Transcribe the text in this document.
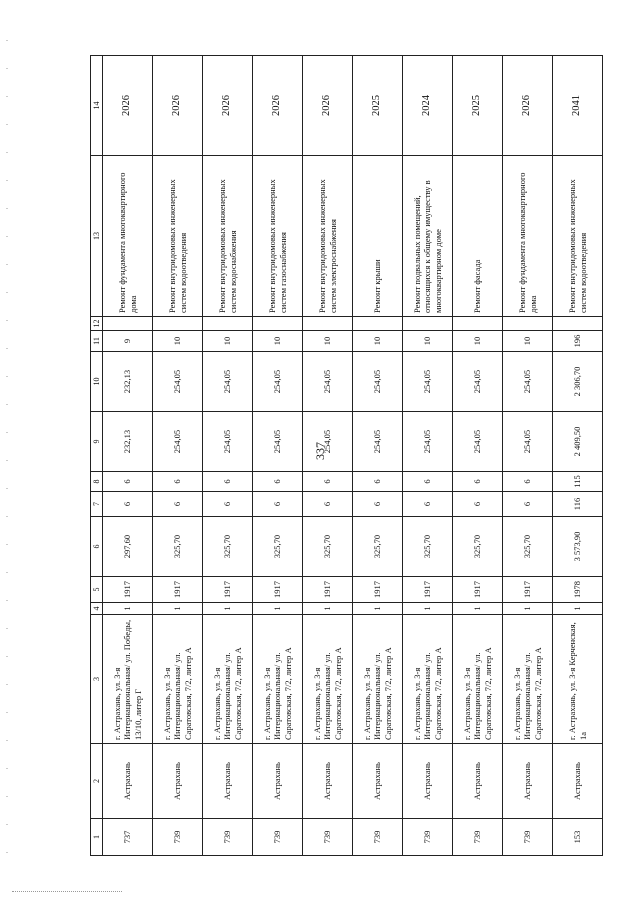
337
1	2	3	4	5	6	7	8	9	10	11	12	13	14
737	Астрахань	г. Астрахань, ул. 3-я Интернациональная/ ул. Победы, 13/10, литер Г	1	1917	297,60	6	6	232,13	232,13	9		Ремонт фундамента многоквартирного дома	2026
739	Астрахань	г. Астрахань, ул. 3-я Интернациональная/ ул. Саратовская, 7/2, литер А	1	1917	325,70	6	6	254,05	254,05	10		Ремонт внутридомовых инженерных систем водоотведения	2026
739	Астрахань	г. Астрахань, ул. 3-я Интернациональная/ ул. Саратовская, 7/2, литер А	1	1917	325,70	6	6	254,05	254,05	10		Ремонт внутридомовых инженерных систем водоснабжения	2026
739	Астрахань	г. Астрахань, ул. 3-я Интернациональная/ ул. Саратовская, 7/2, литер А	1	1917	325,70	6	6	254,05	254,05	10		Ремонт внутридомовых инженерных систем газоснабжения	2026
739	Астрахань	г. Астрахань, ул. 3-я Интернациональная/ ул. Саратовская, 7/2, литер А	1	1917	325,70	6	6	254,05	254,05	10		Ремонт внутридомовых инженерных систем электроснабжения	2026
739	Астрахань	г. Астрахань, ул. 3-я Интернациональная/ ул. Саратовская, 7/2, литер А	1	1917	325,70	6	6	254,05	254,05	10		Ремонт крыши	2025
739	Астрахань	г. Астрахань, ул. 3-я Интернациональная/ ул. Саратовская, 7/2, литер А	1	1917	325,70	6	6	254,05	254,05	10		Ремонт подвальных помещений, относящихся к общему имуществу в многоквартирном доме	2024
739	Астрахань	г. Астрахань, ул. 3-я Интернациональная/ ул. Саратовская, 7/2, литер А	1	1917	325,70	6	6	254,05	254,05	10		Ремонт фасада	2025
739	Астрахань	г. Астрахань, ул. 3-я Интернациональная/ ул. Саратовская, 7/2, литер А	1	1917	325,70	6	6	254,05	254,05	10		Ремонт фундамента многоквартирного дома	2026
153	Астрахань	г. Астрахань, ул. 3-я Керченская, 1а	1	1978	3 573,90	116	115	2 409,50	2 306,70	196		Ремонт внутридомовых инженерных систем водоотведения	2041
